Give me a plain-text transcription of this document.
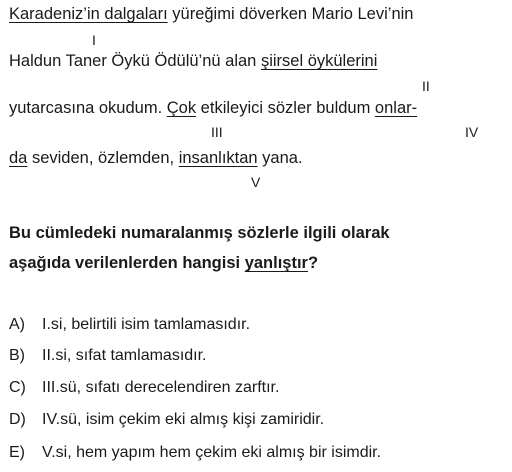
Karadeniz’in dalgaları yüreğimi döverken Mario Levi’nin
I
Haldun Taner Öykü Ödülü’nü alan şiirsel öykülerini
II
yutarcasına okudum. Çok etkileyici sözler buldum onlar-
III	IV
da seviden, özlemden, insanlıktan yana.
V
Bu cümledeki numaralanmış sözlerle ilgili olarak
aşağıda verilenlerden hangisi yanlıştır?
A) I.si, belirtili isim tamlamasıdır.
B) II.si, sıfat tamlamasıdır.
C) III.sü, sıfatı derecelendiren zarftır.
D) IV.sü, isim çekim eki almış kişi zamiridir.
E) V.si, hem yapım hem çekim eki almış bir isimdir.
